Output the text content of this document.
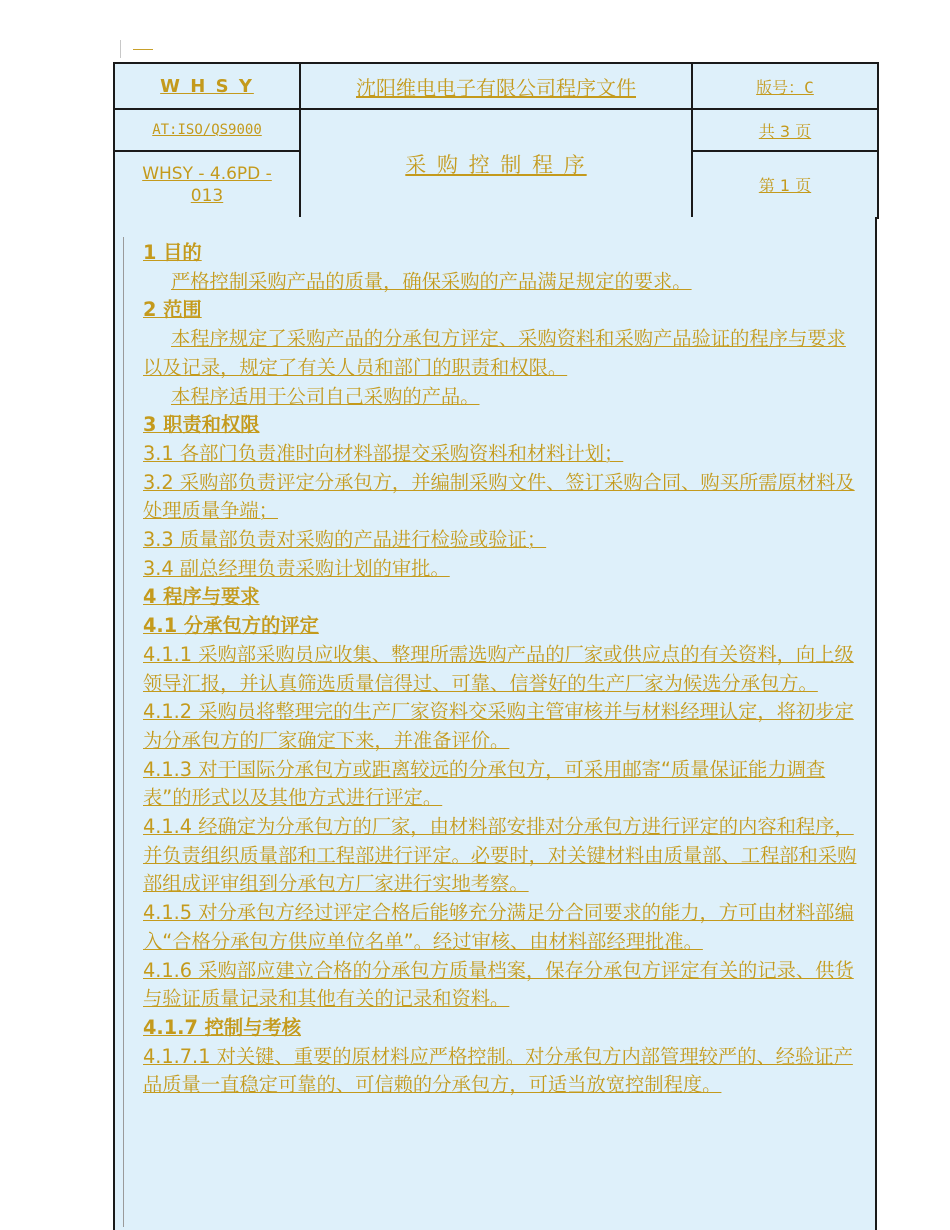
W H S Y	沈阳维电电子有限公司程序文件	版号：C
AT:ISO/QS9000	采 购 控 制 程 序	共 3 页
WHSY - 4.6PD - 013		第 1 页

1 目的

严格控制采购产品的质量，确保采购的产品满足规定的要求。

2 范围

本程序规定了采购产品的分承包方评定、采购资料和采购产品验证的程序与要求以及记录，规定了有关人员和部门的职责和权限。

本程序适用于公司自己采购的产品。

3 职责和权限

3.1 各部门负责准时向材料部提交采购资料和材料计划；

3.2 采购部负责评定分承包方，并编制采购文件、签订采购合同、购买所需原材料及处理质量争端；

3.3 质量部负责对采购的产品进行检验或验证；

3.4 副总经理负责采购计划的审批。

4 程序与要求

4.1 分承包方的评定

4.1.1 采购部采购员应收集、整理所需选购产品的厂家或供应点的有关资料，向上级领导汇报，并认真筛选质量信得过、可靠、信誉好的生产厂家为候选分承包方。

4.1.2 采购员将整理完的生产厂家资料交采购主管审核并与材料经理认定，将初步定为分承包方的厂家确定下来，并准备评价。

4.1.3 对于国际分承包方或距离较远的分承包方，可采用邮寄“质量保证能力调查表”的形式以及其他方式进行评定。

4.1.4 经确定为分承包方的厂家，由材料部安排对分承包方进行评定的内容和程序，并负责组织质量部和工程部进行评定。必要时，对关键材料由质量部、工程部和采购部组成评审组到分承包方厂家进行实地考察。

4.1.5 对分承包方经过评定合格后能够充分满足分合同要求的能力，方可由材料部编入“合格分承包方供应单位名单”。经过审核、由材料部经理批准。

4.1.6 采购部应建立合格的分承包方质量档案，保存分承包方评定有关的记录、供货与验证质量记录和其他有关的记录和资料。

4.1.7 控制与考核

4.1.7.1 对关键、重要的原材料应严格控制。对分承包方内部管理较严的、经验证产品质量一直稳定可靠的、可信赖的分承包方，可适当放宽控制程度。
